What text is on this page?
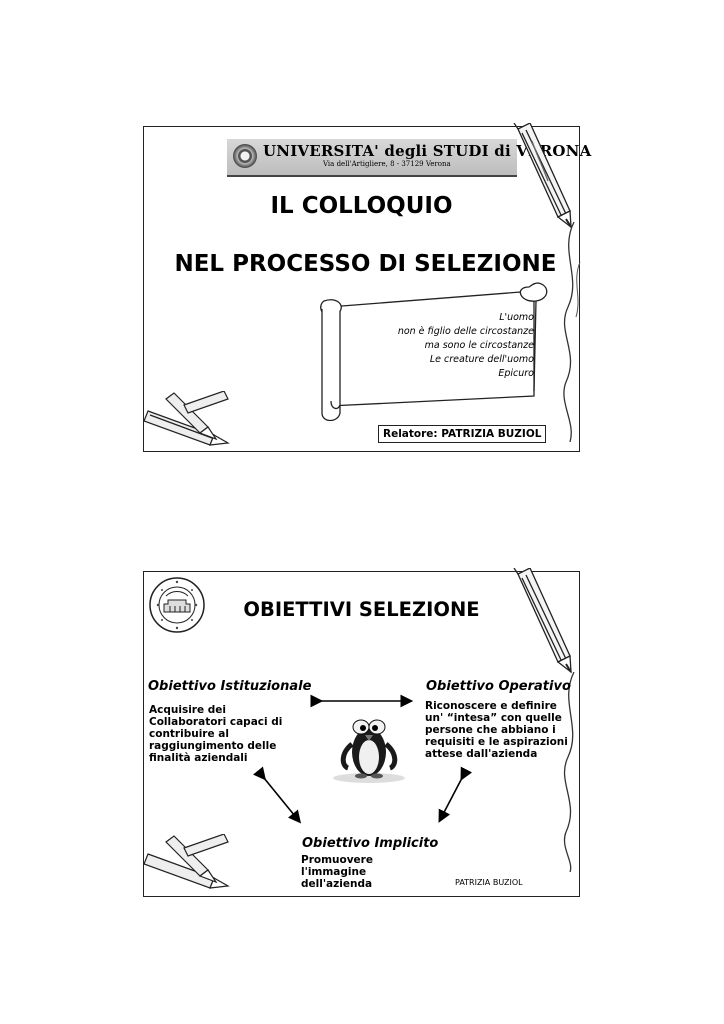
UNIVERSITA' degli STUDI di VERONA
Via dell'Artigliere, 8 - 37129 Verona
IL COLLOQUIO
NEL PROCESSO DI SELEZIONE
L'uomo
non è figlio delle circostanze
ma sono le circostanze
Le creature dell'uomo
Epicuro
Relatore: PATRIZIA BUZIOL
OBIETTIVI SELEZIONE
Obiettivo Istituzionale
Acquisire dei Collaboratori capaci di contribuire al raggiungimento delle finalità aziendali
Obiettivo Operativo
Riconoscere e definire un' “intesa” con quelle persone che abbiano i requisiti e le aspirazioni attese dall'azienda
Obiettivo Implicito
Promuovere l'immagine dell'azienda	PATRIZIA BUZIOL
